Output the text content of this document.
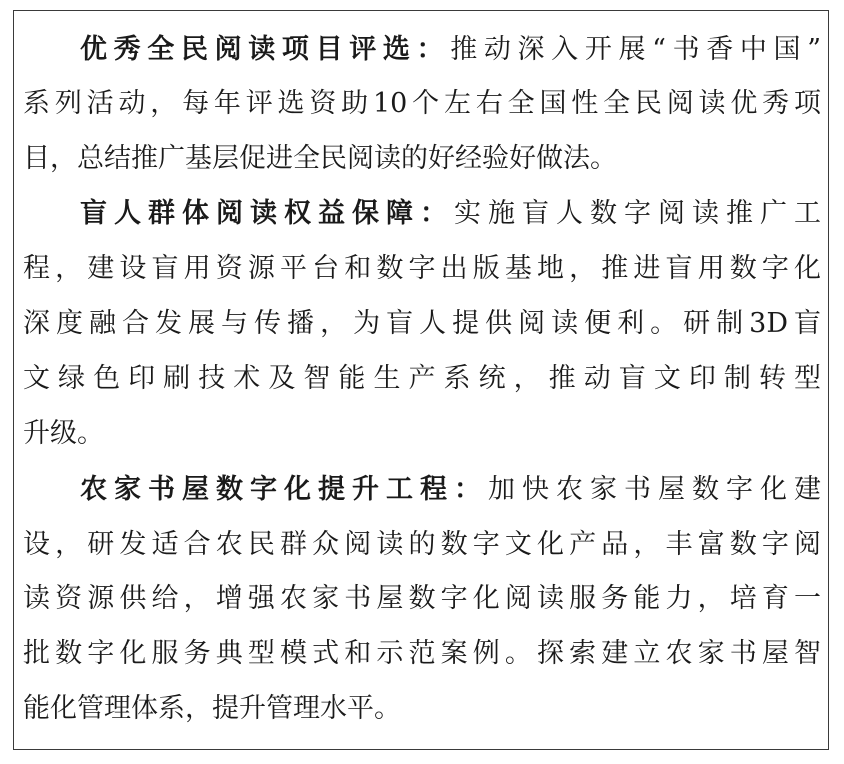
优秀全民阅读项目评选：推动深入开展“书香中国”
系列活动，每年评选资助10个左右全国性全民阅读优秀项
目，总结推广基层促进全民阅读的好经验好做法。
盲人群体阅读权益保障：实施盲人数字阅读推广工
程，建设盲用资源平台和数字出版基地，推进盲用数字化
深度融合发展与传播，为盲人提供阅读便利。研制3D盲
文绿色印刷技术及智能生产系统，推动盲文印制转型
升级。
农家书屋数字化提升工程：加快农家书屋数字化建
设，研发适合农民群众阅读的数字文化产品，丰富数字阅
读资源供给，增强农家书屋数字化阅读服务能力，培育一
批数字化服务典型模式和示范案例。探索建立农家书屋智
能化管理体系，提升管理水平。
